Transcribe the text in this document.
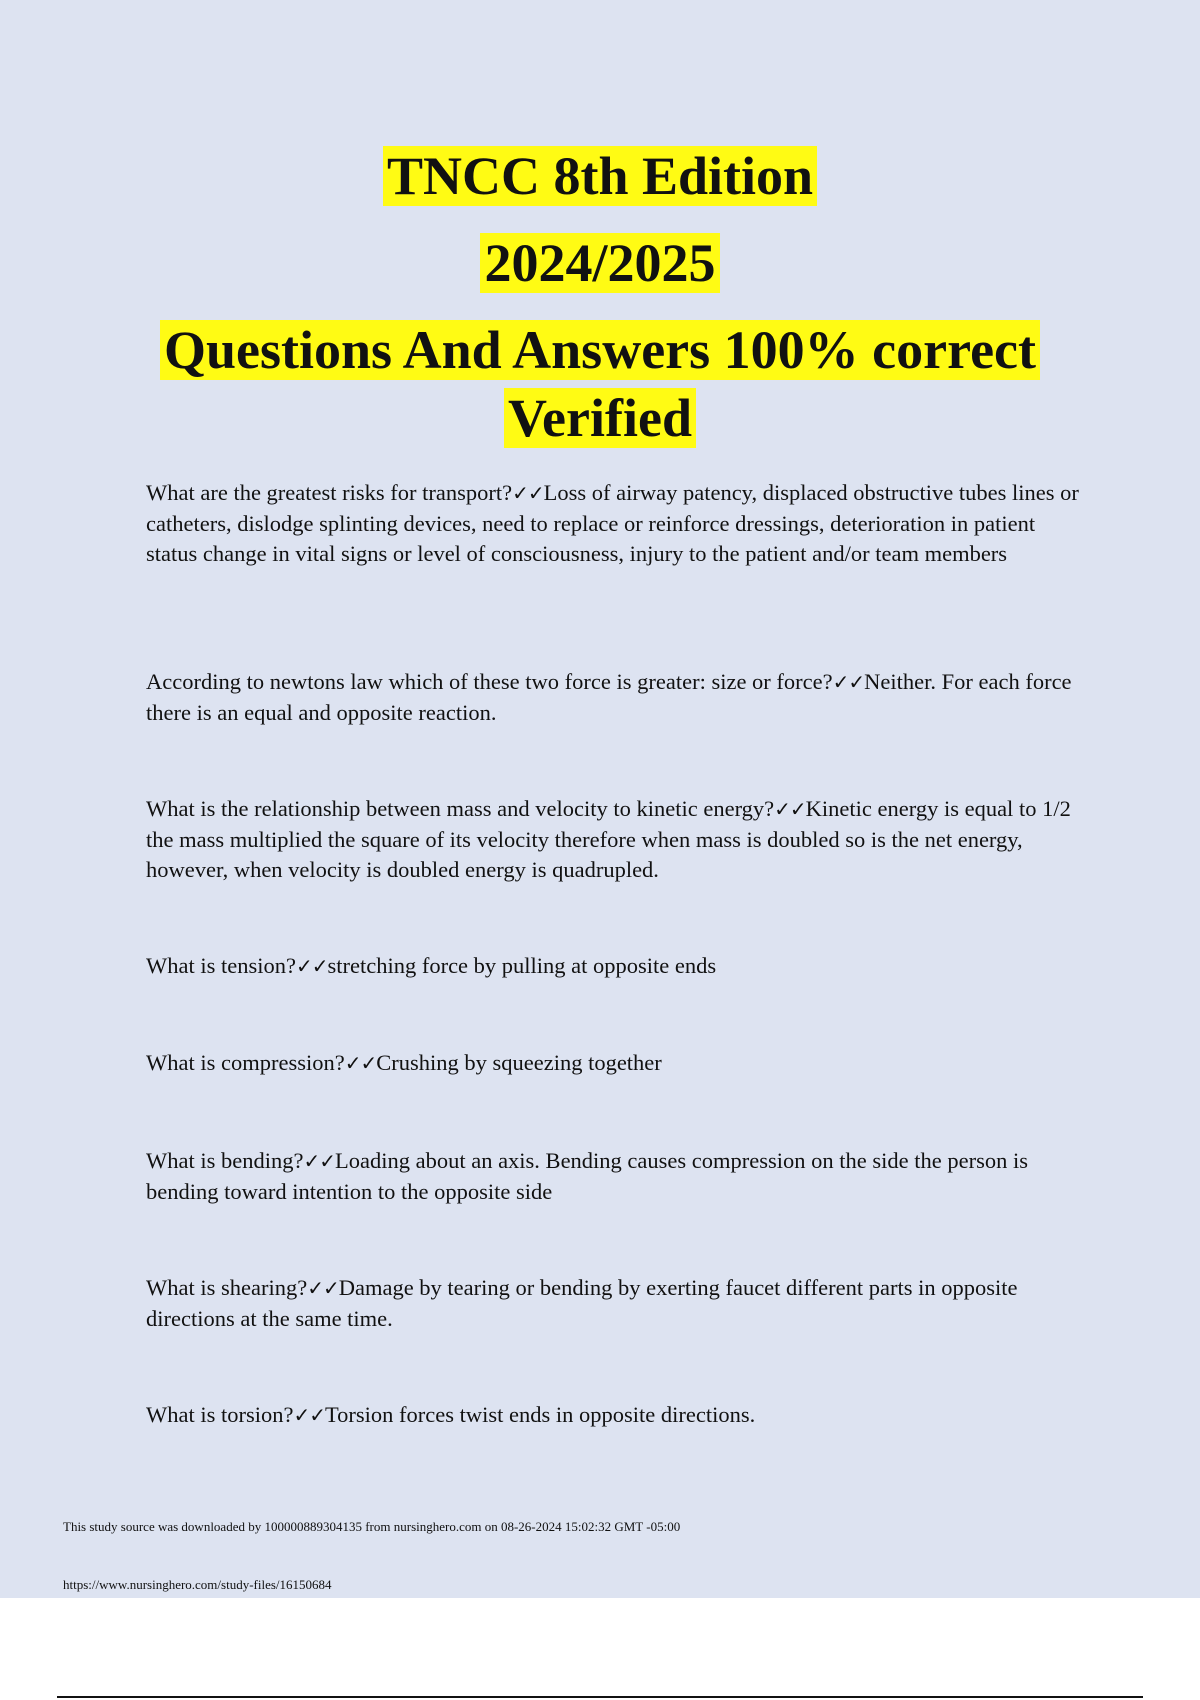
TNCC 8th Edition
2024/2025
Questions And Answers 100% correct
Verified

What are the greatest risks for transport?✓✓Loss of airway patency, displaced obstructive tubes lines or catheters, dislodge splinting devices, need to replace or reinforce dressings, deterioration in patient status change in vital signs or level of consciousness, injury to the patient and/or team members

According to newtons law which of these two force is greater: size or force?✓✓Neither. For each force there is an equal and opposite reaction.

What is the relationship between mass and velocity to kinetic energy?✓✓Kinetic energy is equal to 1/2 the mass multiplied the square of its velocity therefore when mass is doubled so is the net energy, however, when velocity is doubled energy is quadrupled.

What is tension?✓✓stretching force by pulling at opposite ends

What is compression?✓✓Crushing by squeezing together

What is bending?✓✓Loading about an axis. Bending causes compression on the side the person is bending toward intention to the opposite side

What is shearing?✓✓Damage by tearing or bending by exerting faucet different parts in opposite directions at the same time.

What is torsion?✓✓Torsion forces twist ends in opposite directions.

This study source was downloaded by 100000889304135 from nursinghero.com on 08-26-2024 15:02:32 GMT -05:00
https://www.nursinghero.com/study-files/16150684
